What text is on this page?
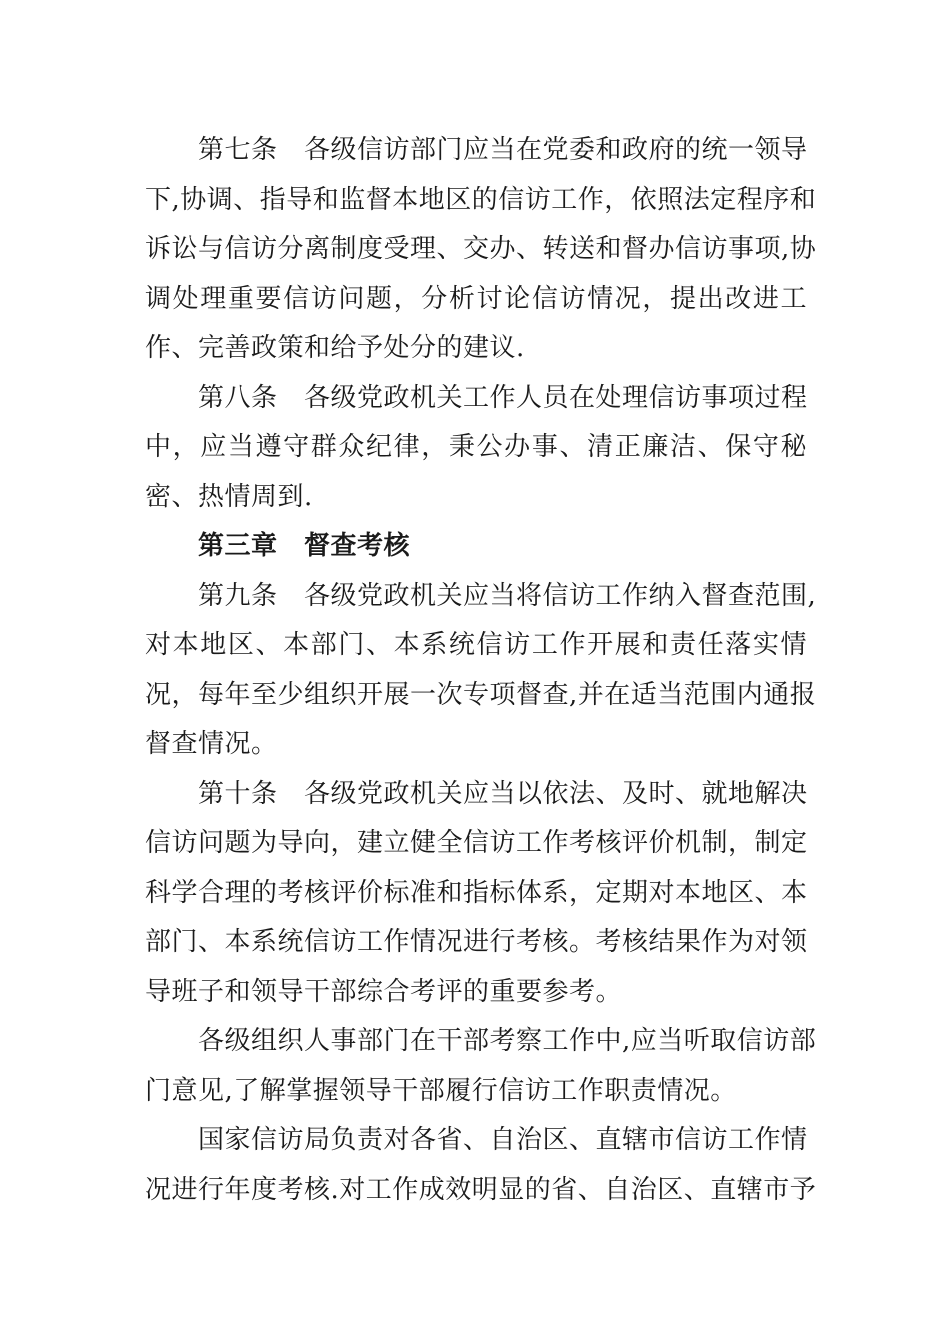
第七条　各级信访部门应当在党委和政府的统一领导
下,协调、指导和监督本地区的信访工作，依照法定程序和
诉讼与信访分离制度受理、交办、转送和督办信访事项,协
调处理重要信访问题，分析讨论信访情况，提出改进工
作、完善政策和给予处分的建议.
第八条　各级党政机关工作人员在处理信访事项过程
中，应当遵守群众纪律，秉公办事、清正廉洁、保守秘
密、热情周到.
第三章　督查考核
第九条　各级党政机关应当将信访工作纳入督查范围,
对本地区、本部门、本系统信访工作开展和责任落实情
况，每年至少组织开展一次专项督查,并在适当范围内通报
督查情况。
第十条　各级党政机关应当以依法、及时、就地解决
信访问题为导向，建立健全信访工作考核评价机制，制定
科学合理的考核评价标准和指标体系，定期对本地区、本
部门、本系统信访工作情况进行考核。考核结果作为对领
导班子和领导干部综合考评的重要参考。
各级组织人事部门在干部考察工作中,应当听取信访部
门意见,了解掌握领导干部履行信访工作职责情况。
国家信访局负责对各省、自治区、直辖市信访工作情
况进行年度考核.对工作成效明显的省、自治区、直辖市予
